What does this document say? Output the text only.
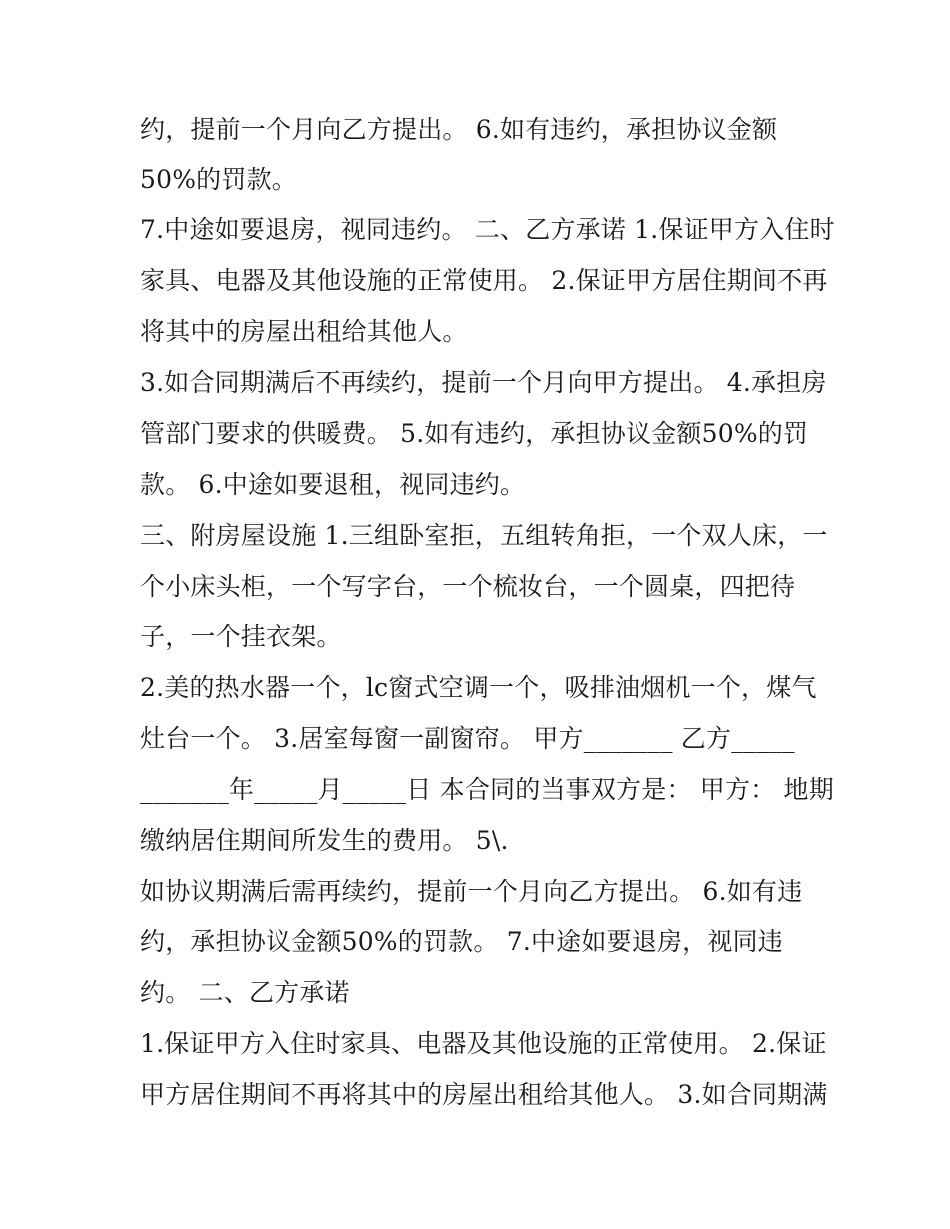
约，提前一个月向乙方提出。 6.如有违约，承担协议金额
50%的罚款。
7.中途如要退房，视同违约。 二、乙方承诺 1.保证甲方入住时
家具、电器及其他设施的正常使用。 2.保证甲方居住期间不再
将其中的房屋出租给其他人。
3.如合同期满后不再续约，提前一个月向甲方提出。 4.承担房
管部门要求的供暖费。 5.如有违约，承担协议金额50%的罚
款。 6.中途如要退租，视同违约。
三、附房屋设施 1.三组卧室拒，五组转角拒，一个双人床，一
个小床头柜，一个写字台，一个梳妆台，一个圆桌，四把待
子，一个挂衣架。
2.美的热水器一个，lc窗式空调一个，吸排油烟机一个，煤气
灶台一个。 3.居室每窗一副窗帘。 甲方_______ 乙方_____
_______年_____月_____日 本合同的当事双方是： 甲方： 地期
缴纳居住期间所发生的费用。 5\.
如协议期满后需再续约，提前一个月向乙方提出。 6.如有违
约，承担协议金额50%的罚款。 7.中途如要退房，视同违
约。 二、乙方承诺
1.保证甲方入住时家具、电器及其他设施的正常使用。 2.保证
甲方居住期间不再将其中的房屋出租给其他人。 3.如合同期满
